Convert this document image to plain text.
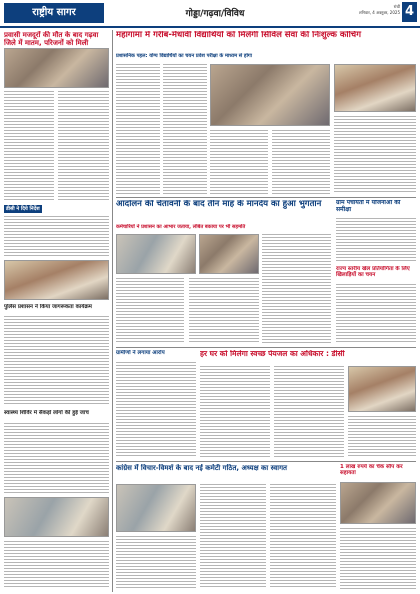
राष्ट्रीय सागर	गोड्डा/गढ़वा/विविध
रांची
शनिवार, 4 अक्टूबर, 2025 4
प्रवासी मजदूरों की मौत के बाद गढ़वा जिले में मातम, परिजनों को मिली
डीसी ने दिये निर्देश
पुलिस प्रशासन ने किया जागरूकता कार्यक्रम
स्वास्थ्य शिविर में सैकड़ों लोगों की हुई जांच
महागामा में गरीब-मेधावी विद्यार्थियों को मिलेगी सिविल सेवा की निःशुल्क कोचिंग
प्रशासनिक पहल: योग्य विद्यार्थियों का चयन प्रवेश परीक्षा के माध्यम से होगा
आंदोलन की चेतावनी के बाद तीन माह के मानदेय का हुआ भुगतान
कर्मचारियों ने प्रशासन का आभार जताया, लंबित बकाया पर भी सहमति
ग्राम पंचायतों में योजनाओं की समीक्षा
राज्य स्तरीय खेल प्रतियोगिता के लिए खिलाड़ियों का चयन
हर घर को मिलेगा स्वच्छ पेयजल का अधिकार : डीसी
ग्रामीणों ने लगाया आरोप
कांग्रेस में विचार-विमर्श के बाद नई कमेटी गठित, अध्यक्ष का स्वागत	1 लाख रुपये का चेक सौंप कर सहायता
